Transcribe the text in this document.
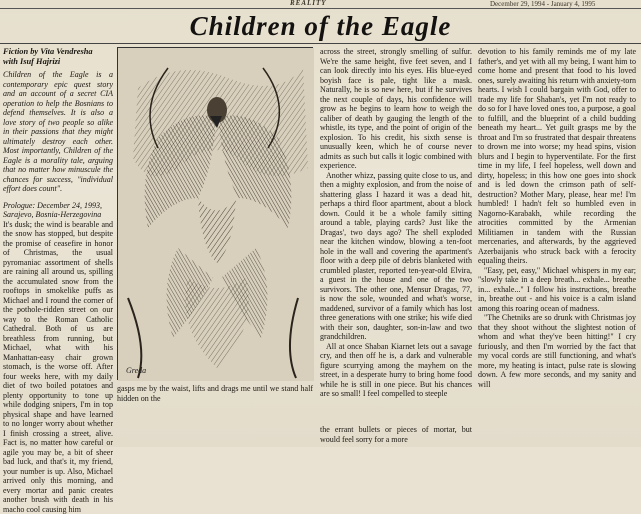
REALITY	December 29, 1994 - January 4, 1995
Children of the Eagle
Fiction by Vita Vendresha
with Isuf Hajrizi
Children of the Eagle is a contemporary epic quest story and an account of a secret CIA operation to help the Bosnians to defend themselves. It is also a love story of two people so alike in their passions that they might ultimately destroy each other. Most importantly, Children of the Eagle is a morality tale, arguing that no matter how minuscule the chances for success, "individual effort does count".
Prologue: December 24, 1993,
Sarajevo, Bosnia-Herzegovina
It's dusk; the wind is bearable and the snow has stopped, but despite the promise of ceasefire in honor of Christmas, the usual pyromaniac assortment of shells are raining all around us, spilling the accumulated snow from the rooftops in smokelike puffs as Michael and I round the corner of the pothole-ridden street on our way to the Roman Catholic Cathedral. Both of us are breathless from running, but Michael, what with his Manhattan-easy chair grown stomach, is the worse off. After four weeks here, with my daily diet of two boiled potatoes and plenty opportunity to tone up while dodging snipers, I'm in top physical shape and have learned to no longer worry about whether I finish crossing a street, alive. Fact is, no matter how careful or agile you may be, a bit of sheer bad luck, and that's it, my friend, your number is up. Also, Michael arrived only this morning, and every mortar and panic creates another brush with death in his macho cool causing him
Greda
gasps me by the waist, lifts and drags me until we stand half hidden on the

across the street, strongly smelling of sulfur. We're the same height, five feet seven, and I can look directly into his eyes. His blue-eyed boyish face is pale, tight like a mask. Naturally, he is so new here, but if he survives the next couple of days, his confidence will grow as he begins to learn how to weigh the caliber of death by gauging the length of the whistle, its type, and the point of origin of the explosion. To his credit, his sixth sense is unusually keen, which he of course never admits as such but calls it logic combined with experience.

Another whizz, passing quite close to us, and then a mighty explosion, and from the noise of shattering glass I hazard it was a dead hit, perhaps a third floor apartment, about a block down. Could it be a whole family sitting around a table, playing cards? Just like the Dragas', two days ago? The shell exploded near the kitchen window, blowing a ten-foot hole in the wall and covering the apartment's floor with a deep pile of debris blanketed with crumbled plaster, reported ten-year-old Elvira, a guest in the house and one of the two survivors. The other one, Mensur Dragas, 77, is now the sole, wounded and what's worse, maddened, survivor of a family which has lost three generations with one strike; his wife died with their son, daughter, son-in-law and two grandchildren.

All at once Shaban Kiarnet lets out a savage cry, and then off he is, a dark and vulnerable figure scurrying among the mayhem on the street, in a desperate hurry to bring home food while he is still in one piece. But his chances are so small! I feel compelled to steeple

the errant bullets or pieces of mortar, but would feel sorry for a more

devotion to his family reminds me of my late father's, and yet with all my being, I want him to come home and present that food to his loved ones, surely awaiting his return with anxiety-torn hearts. I wish I could bargain with God, offer to trade my life for Shaban's, yet I'm not ready to do so for I have loved ones too, a purpose, a goal to fulfill, and the blueprint of a child budding beneath my heart... Yet guilt grasps me by the throat and I'm so frustrated that despair threatens to drown me into worse; my head spins, vision blurs and I begin to hyperventilate. For the first time in my life, I feel hopeless, well down and dirty, hopeless; in this how one goes into shock and is led down the crimson path of self-destruction? Mother Mary, please, hear me! I'm humbled! I hadn't felt so humbled even in Nagorno-Karabakh, while recording the atrocities committed by the Armenian Militiamen in tandem with the Russian mercenaries, and afterwards, by the aggrieved Azerbaijanis who struck back with a ferocity equaling theirs.

"Easy, pet, easy," Michael whispers in my ear; "slowly take in a deep breath... exhale... breathe in... exhale..." I follow his instructions, breathe in, breathe out - and his voice is a calm island among this roaring ocean of madness.

"The Chetniks are so drunk with Christmas joy that they shoot without the slightest notion of whom and what they've been hitting!" I cry furiously, and then I'm worried by the fact that my vocal cords are still functioning, and what's more, my heating is intact, pulse rate is slowing down. A few more seconds, and my sanity and will
